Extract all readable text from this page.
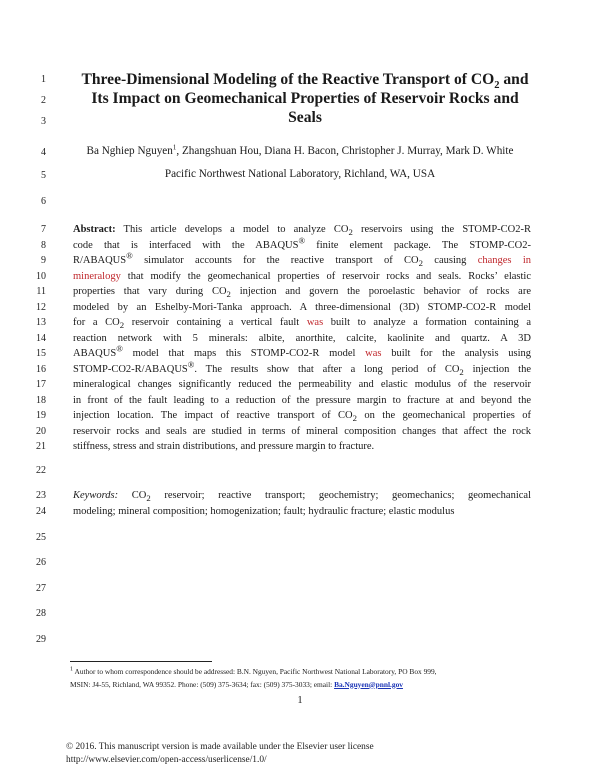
1
2
3
4
5
6
7
8
9
10
11
12
13
14
15
16
17
18
19
20
21
22
23
24
25
26
27
28
29
Three-Dimensional Modeling of the Reactive Transport of $CO_2$ and
Its Impact on Geomechanical Properties of Reservoir Rocks and
Seals
Ba Nghiep Nguyen$^1$, Zhangshuan Hou, Diana H. Bacon, Christopher J. Murray, Mark D. White
Pacific Northwest National Laboratory, Richland, WA, USA
Abstract: This article develops a model to analyze $CO_2$ reservoirs using the STOMP-CO2-R
code that is interfaced with the ABAQUS® finite element package. The STOMP-CO2-
R/ABAQUS® simulator accounts for the reactive transport of $CO_2$ causing changes in
mineralogy that modify the geomechanical properties of reservoir rocks and seals. Rocks’ elastic
properties that vary during $CO_2$ injection and govern the poroelastic behavior of rocks are
modeled by an Eshelby-Mori-Tanka approach. A three-dimensional (3D) STOMP-CO2-R model
for a $CO_2$ reservoir containing a vertical fault was built to analyze a formation containing a
reaction network with 5 minerals: albite, anorthite, calcite, kaolinite and quartz. A 3D
ABAQUS® model that maps this STOMP-CO2-R model was built for the analysis using
STOMP-CO2-R/ABAQUS®. The results show that after a long period of $CO_2$ injection the
mineralogical changes significantly reduced the permeability and elastic modulus of the reservoir
in front of the fault leading to a reduction of the pressure margin to fracture at and beyond the
injection location. The impact of reactive transport of $CO_2$ on the geomechanical properties of
reservoir rocks and seals are studied in terms of mineral composition changes that affect the rock
stiffness, stress and strain distributions, and pressure margin to fracture.
Keywords: $CO_2$ reservoir; reactive transport; geochemistry; geomechanics; geomechanical
modeling; mineral composition; homogenization; fault; hydraulic fracture; elastic modulus
$^1$ Author to whom correspondence should be addressed: B.N. Nguyen, Pacific Northwest National Laboratory, PO Box 999,
MSIN: J4-55, Richland, WA 99352. Phone: (509) 375-3634; fax: (509) 375-3033; email: Ba.Nguyen@pnnl.gov
1
© 2016. This manuscript version is made available under the Elsevier user license
http://www.elsevier.com/open-access/userlicense/1.0/
